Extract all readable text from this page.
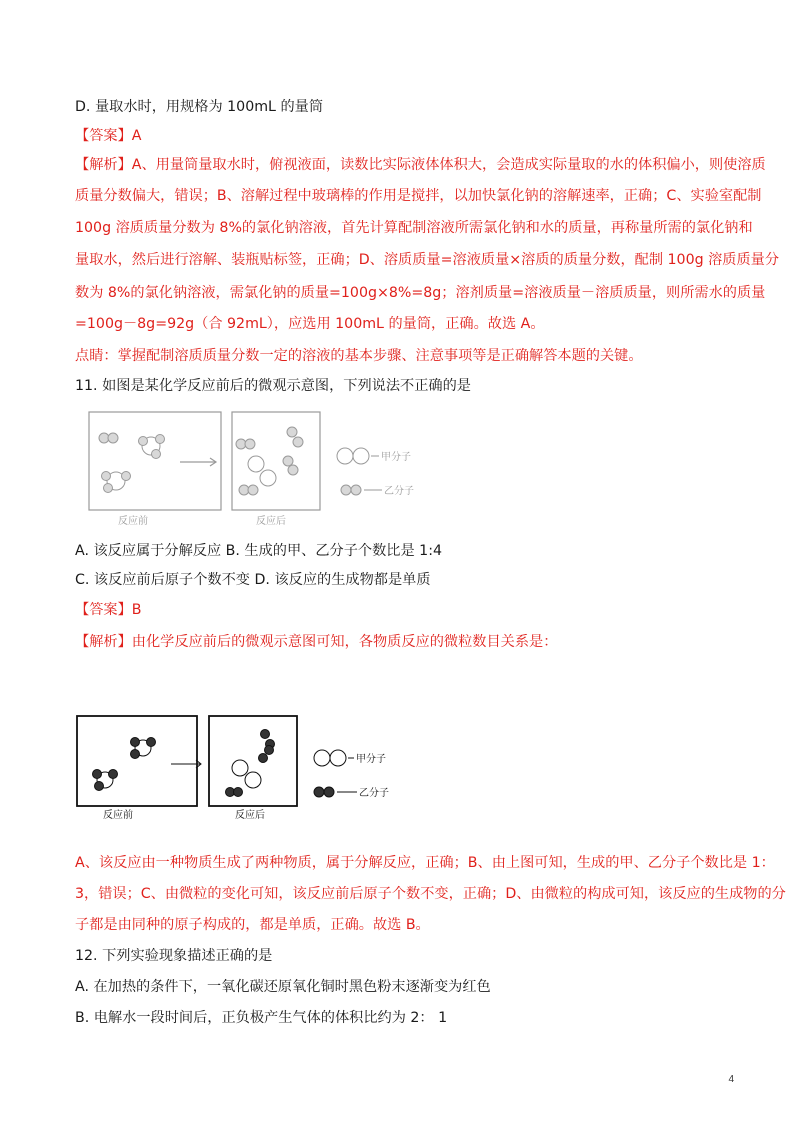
D. 量取水时，用规格为 100mL 的量筒
【答案】A
【解析】A、用量筒量取水时，俯视液面，读数比实际液体体积大，会造成实际量取的水的体积偏小，则使溶质
质量分数偏大，错误；B、溶解过程中玻璃棒的作用是搅拌，以加快氯化钠的溶解速率，正确；C、实验室配制
100g 溶质质量分数为 8%的氯化钠溶液，首先计算配制溶液所需氯化钠和水的质量，再称量所需的氯化钠和
量取水，然后进行溶解、装瓶贴标签，正确；D、溶质质量=溶液质量×溶质的质量分数，配制 100g 溶质质量分
数为 8%的氯化钠溶液，需氯化钠的质量=100g×8%=8g；溶剂质量=溶液质量－溶质质量，则所需水的质量
=100g－8g=92g（合 92mL），应选用 100mL 的量筒，正确。故选 A。
点睛：掌握配制溶质质量分数一定的溶液的基本步骤、注意事项等是正确解答本题的关键。
11. 如图是某化学反应前后的微观示意图，下列说法不正确的是
甲分子
乙分子
反应前	反应后
A. 该反应属于分解反应 B. 生成的甲、乙分子个数比是 1:4
C. 该反应前后原子个数不变 D. 该反应的生成物都是单质
【答案】B
【解析】由化学反应前后的微观示意图可知，各物质反应的微粒数目关系是：
甲分子
乙分子
反应前	反应后
A、该反应由一种物质生成了两种物质，属于分解反应，正确；B、由上图可知，生成的甲、乙分子个数比是 1：
3，错误；C、由微粒的变化可知，该反应前后原子个数不变，正确；D、由微粒的构成可知，该反应的生成物的分
子都是由同种的原子构成的，都是单质，正确。故选 B。
12. 下列实验现象描述正确的是
A. 在加热的条件下，一氧化碳还原氧化铜时黑色粉末逐渐变为红色
B. 电解水一段时间后，正负极产生气体的体积比约为 2： 1
4
